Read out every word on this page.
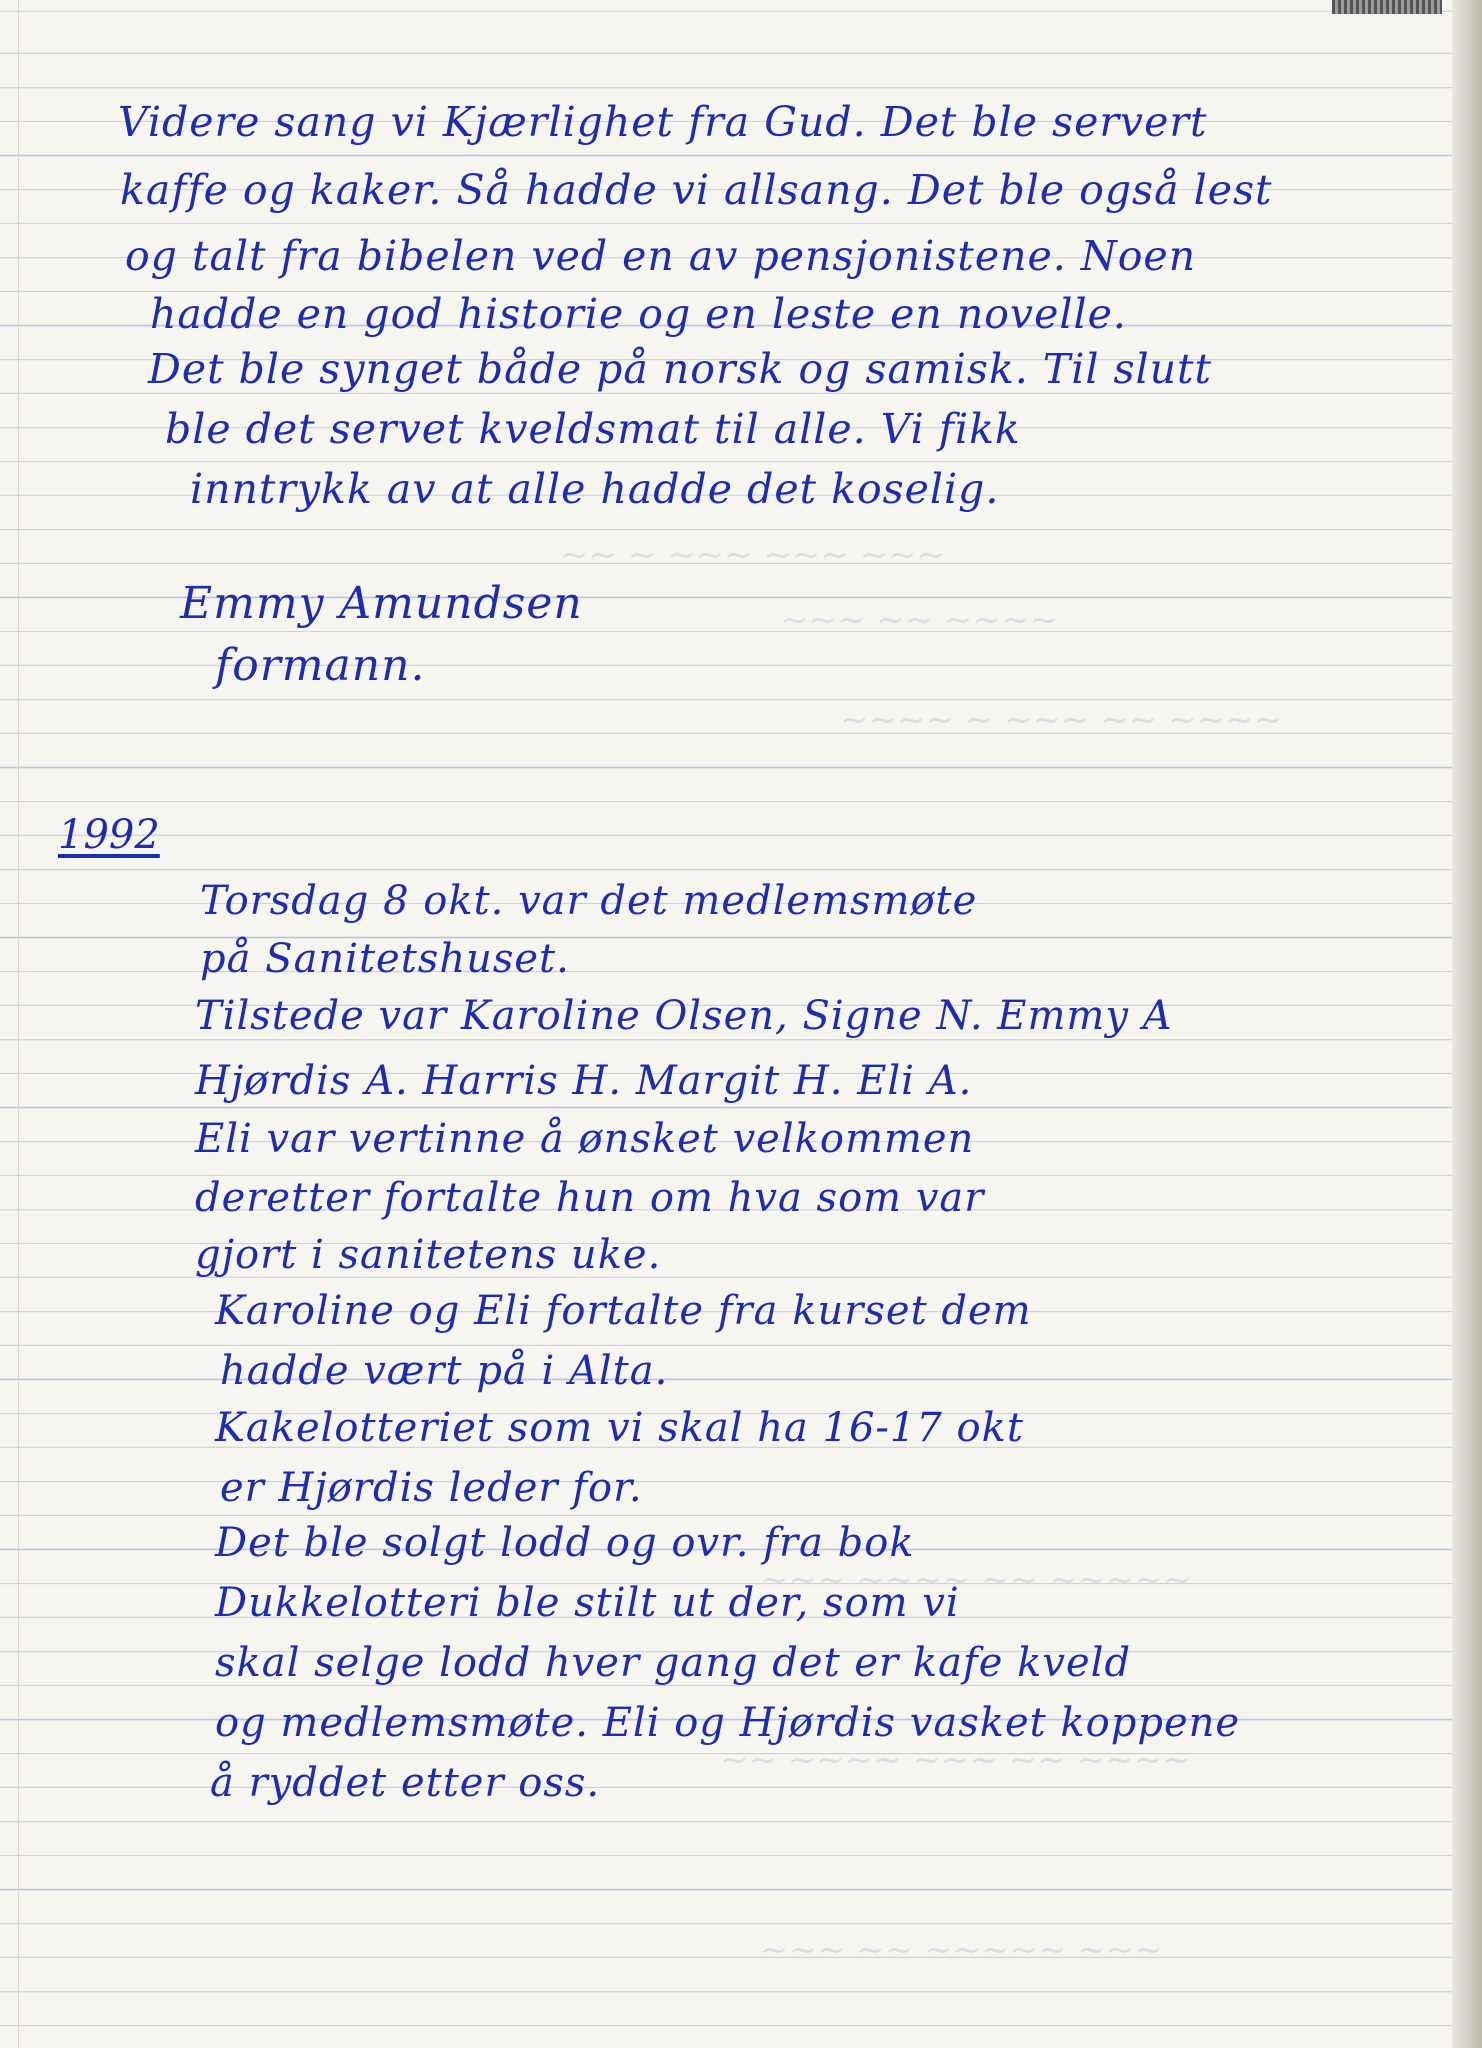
~~ ~ ~~~ ~~~ ~~~
~~~ ~~ ~~~~
~~~~ ~ ~~~ ~~ ~~~~
~~~ ~~~~ ~~ ~~~~~
~~ ~~~~ ~~~ ~~ ~~~~
~~~ ~~ ~~~~~ ~~~

Videre sang vi Kjærlighet fra Gud. Det ble servert

kaffe og kaker. Så hadde vi allsang. Det ble også lest

og talt fra bibelen ved en av pensjonistene. Noen

hadde en god historie og en leste en novelle.

Det ble synget både på norsk og samisk. Til slutt

ble det servet kveldsmat til alle. Vi fikk

inntrykk av at alle hadde det koselig.

Emmy Amundsen

formann.

1992

Torsdag 8 okt. var det medlemsmøte

på Sanitetshuset.

Tilstede var Karoline Olsen, Signe N. Emmy A

Hjørdis A. Harris H. Margit H. Eli A.

Eli var vertinne å ønsket velkommen

deretter fortalte hun om hva som var

gjort i sanitetens uke.

Karoline og Eli fortalte fra kurset dem

hadde vært på i Alta.

Kakelotteriet som vi skal ha 16-17 okt

er Hjørdis leder for.

Det ble solgt lodd og ovr. fra bok

Dukkelotteri ble stilt ut der, som vi

skal selge lodd hver gang det er kafe kveld

og medlemsmøte. Eli og Hjørdis vasket koppene

å ryddet etter oss.
